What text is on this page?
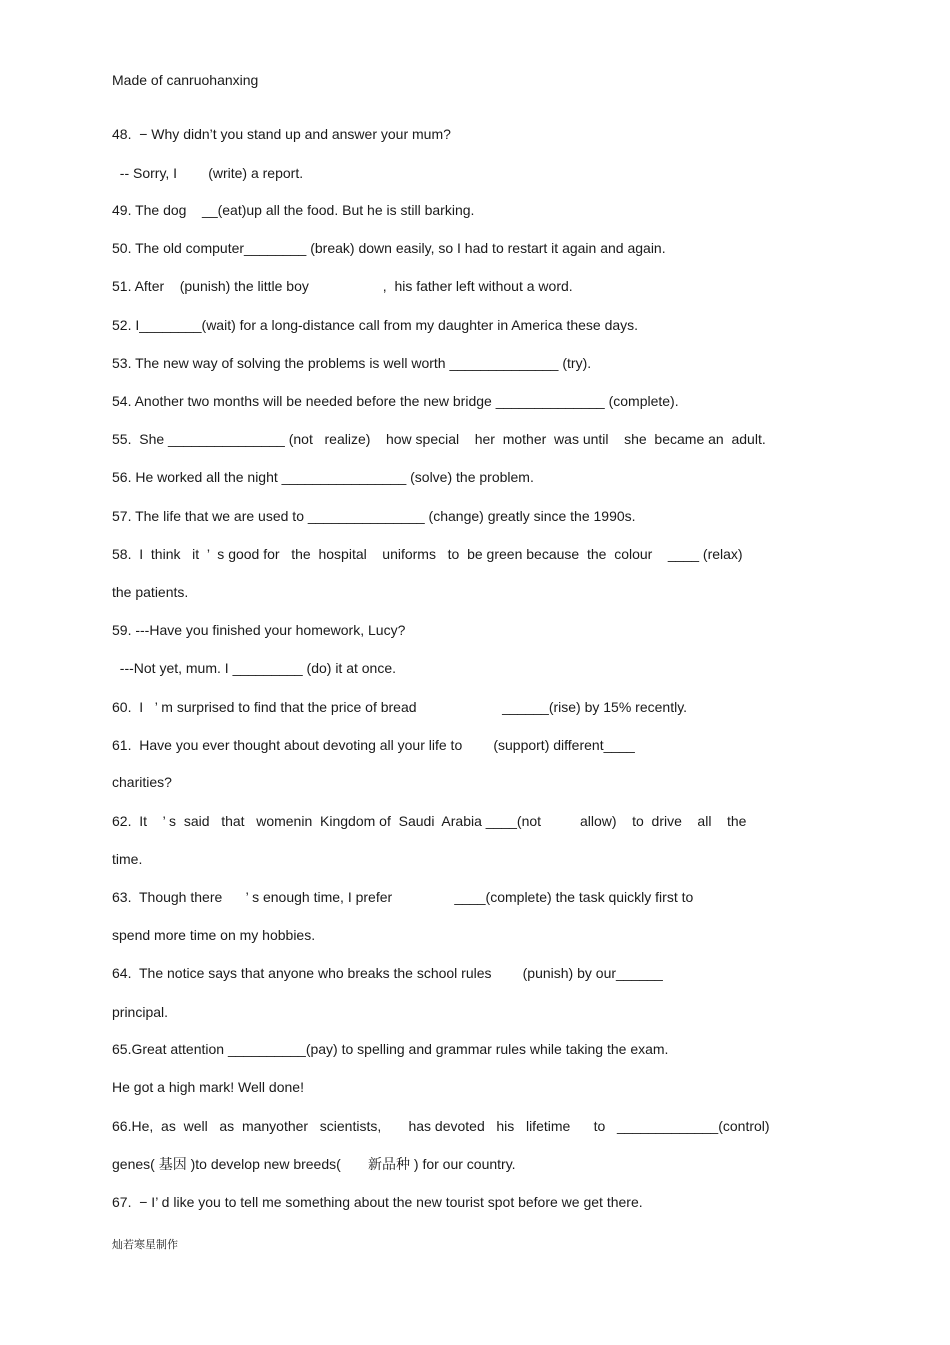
Made of canruohanxing
48.  − Why didn’t you stand up and answer your mum?
-- Sorry, I        (write) a report.
49. The dog    __(eat)up all the food. But he is still barking.
50. The old computer________ (break) down easily, so I had to restart it again and again.
51. After    (punish) the little boy                   ,  his father left without a word.
52. I________(wait) for a long-distance call from my daughter in America these days.
53. The new way of solving the problems is well worth ______________ (try).
54. Another two months will be needed before the new bridge ______________ (complete).
55.  She _______________ (not   realize)    how special    her  mother  was until    she  became an  adult.
56. He worked all the night ________________ (solve) the problem.
57. The life that we are used to _______________ (change) greatly since the 1990s.
58.  I  think   it  ’  s good for   the  hospital    uniforms   to  be green because  the  colour    ____ (relax)
the patients.
59. ---Have you finished your homework, Lucy?
---Not yet, mum. I _________ (do) it at once.
60.  I   ’ m surprised to find that the price of bread                      ______(rise) by 15% recently.
61.  Have you ever thought about devoting all your life to        (support) different____
charities?
62.  It    ’ s  said   that   womenin  Kingdom of  Saudi  Arabia ____(not          allow)    to  drive    all    the
time.
63.  Though there      ’ s enough time, I prefer                ____(complete) the task quickly first to
spend more time on my hobbies.
64.  The notice says that anyone who breaks the school rules        (punish) by our______
principal.
65.Great attention __________(pay) to spelling and grammar rules while taking the exam.
He got a high mark! Well done!
66.He,  as  well   as  manyother   scientists,       has devoted   his   lifetime      to   _____________(control)
genes( 基因 )to develop new breeds(       新品种 ) for our country.
67.  − I’ d like you to tell me something about the new tourist spot before we get there.
灿若寒星制作
